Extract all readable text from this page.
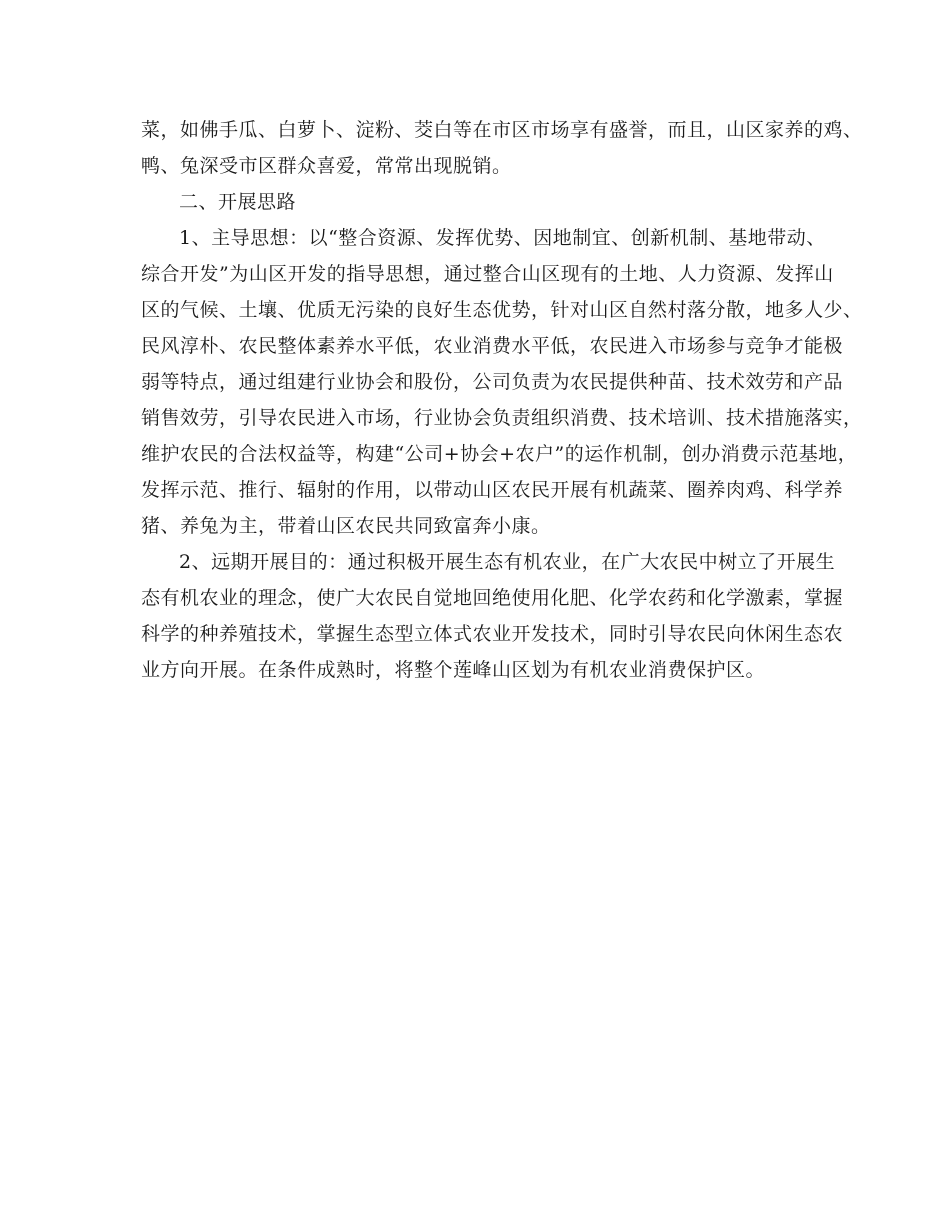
菜，如佛手瓜、白萝卜、淀粉、茭白等在市区市场享有盛誉，而且，山区家养的鸡、
鸭、兔深受市区群众喜爱，常常出现脱销。
二、开展思路
1、主导思想：以“整合资源、发挥优势、因地制宜、创新机制、基地带动、
综合开发”为山区开发的指导思想，通过整合山区现有的土地、人力资源、发挥山
区的气候、土壤、优质无污染的良好生态优势，针对山区自然村落分散，地多人少、
民风淳朴、农民整体素养水平低，农业消费水平低，农民进入市场参与竞争才能极
弱等特点，通过组建行业协会和股份，公司负责为农民提供种苗、技术效劳和产品
销售效劳，引导农民进入市场，行业协会负责组织消费、技术培训、技术措施落实，
维护农民的合法权益等，构建“公司+协会+农户”的运作机制，创办消费示范基地，
发挥示范、推行、辐射的作用，以带动山区农民开展有机蔬菜、圈养肉鸡、科学养
猪、养兔为主，带着山区农民共同致富奔小康。
2、远期开展目的：通过积极开展生态有机农业，在广大农民中树立了开展生
态有机农业的理念，使广大农民自觉地回绝使用化肥、化学农药和化学激素，掌握
科学的种养殖技术，掌握生态型立体式农业开发技术，同时引导农民向休闲生态农
业方向开展。在条件成熟时，将整个莲峰山区划为有机农业消费保护区。
